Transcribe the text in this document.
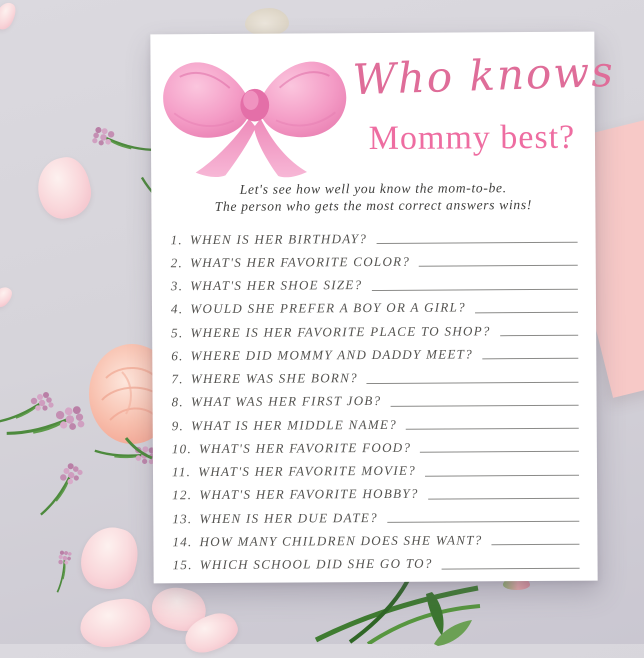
Who knows
Mommy best?
Let's see how well you know the mom-to-be.
The person who gets the most correct answers wins!
1. WHEN IS HER BIRTHDAY?
2. WHAT'S HER FAVORITE COLOR?
3. WHAT'S HER SHOE SIZE?
4. WOULD SHE PREFER A BOY OR A GIRL?
5. WHERE IS HER FAVORITE PLACE TO SHOP?
6. WHERE DID MOMMY AND DADDY MEET?
7. WHERE WAS SHE BORN?
8. WHAT WAS HER FIRST JOB?
9. WHAT IS HER MIDDLE NAME?
10. WHAT'S HER FAVORITE FOOD?
11. WHAT'S HER FAVORITE MOVIE?
12. WHAT'S HER FAVORITE HOBBY?
13. WHEN IS HER DUE DATE?
14. HOW MANY CHILDREN DOES SHE WANT?
15. WHICH SCHOOL DID SHE GO TO?
